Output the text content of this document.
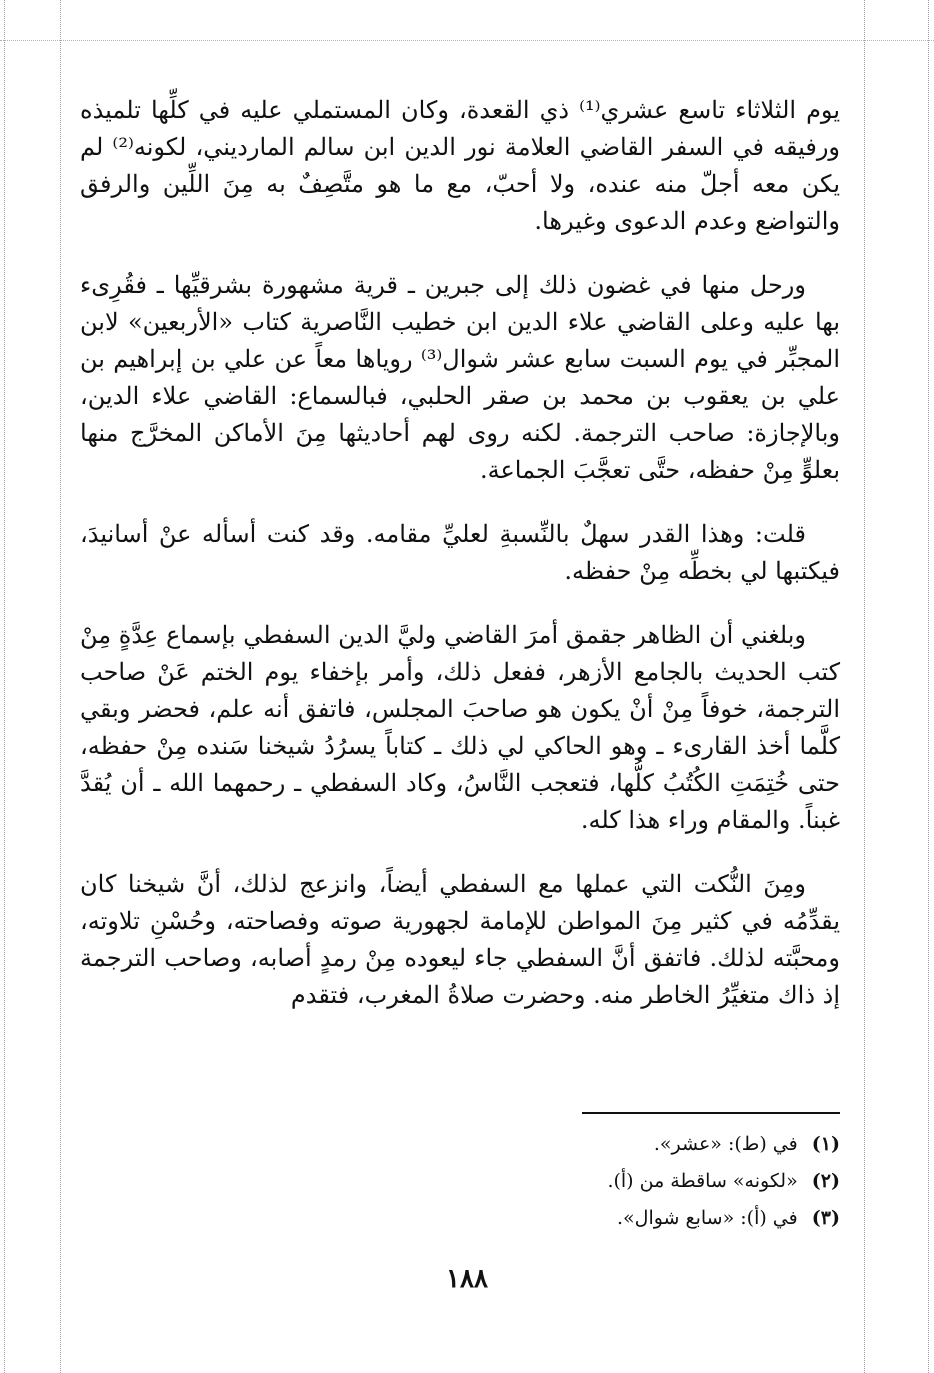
يوم الثلاثاء تاسع عشري⁽¹⁾ ذي القعدة، وكان المستملي عليه في كلِّها تلميذه ورفيقه في السفر القاضي العلامة نور الدين ابن سالم الماردیني، لكونه⁽²⁾ لم يكن معه أجلّ منه عنده، ولا أحبّ، مع ما هو متَّصِفٌ به مِنَ اللِّين والرفق والتواضع وعدم الدعوى وغيرها.

ورحل منها في غضون ذلك إلى جبرين ـ قرية مشهورة بشرقيِّها ـ فقُرِىء بها عليه وعلى القاضي علاء الدين ابن خطيب النَّاصرية كتاب «الأربعين» لابن المجبِّر في يوم السبت سابع عشر شوال⁽³⁾ روياها معاً عن علي بن إبراهيم بن علي بن يعقوب بن محمد بن صقر الحلبي، فبالسماع: القاضي علاء الدين، وبالإجازة: صاحب الترجمة. لكنه روى لهم أحاديثها مِنَ الأماكن المخرَّج منها بعلوٍّ مِنْ حفظه، حتَّى تعجَّبَ الجماعة.

قلت: وهذا القدر سهلٌ بالنِّسبةِ لعليِّ مقامه. وقد كنت أسأله عنْ أسانيدَ، فيكتبها لي بخطِّه مِنْ حفظه.

وبلغني أن الظاهر جقمق أمرَ القاضي وليَّ الدين السفطي بإسماع عِدَّةٍ مِنْ كتب الحديث بالجامع الأزهر، ففعل ذلك، وأمر بإخفاء يوم الختم عَنْ صاحب الترجمة، خوفاً مِنْ أنْ يكون هو صاحبَ المجلس، فاتفق أنه علم، فحضر وبقي كلَّما أخذ القارىء ـ وهو الحاكي لي ذلك ـ كتاباً يسرُدُ شيخنا سَنده مِنْ حفظه، حتى خُتِمَتِ الكُتُبُ كلُّها، فتعجب النَّاسُ، وكاد السفطي ـ رحمهما الله ـ أن يُقدَّ غبناً. والمقام وراء هذا كله.

ومِنَ النُّكت التي عملها مع السفطي أيضاً، وانزعج لذلك، أنَّ شيخنا كان يقدِّمُه في كثير مِنَ المواطن للإمامة لجهورية صوته وفصاحته، وحُسْنِ تلاوته، ومحبَّته لذلك. فاتفق أنَّ السفطي جاء ليعوده مِنْ رمدٍ أصابه، وصاحب الترجمة إذ ذاك متغيِّرُ الخاطر منه. وحضرت صلاةُ المغرب، فتقدم

(١) في (ط): «عشر».
(٢) «لكونه» ساقطة من (أ).
(٣) في (أ): «سابع شوال».
١٨٨
